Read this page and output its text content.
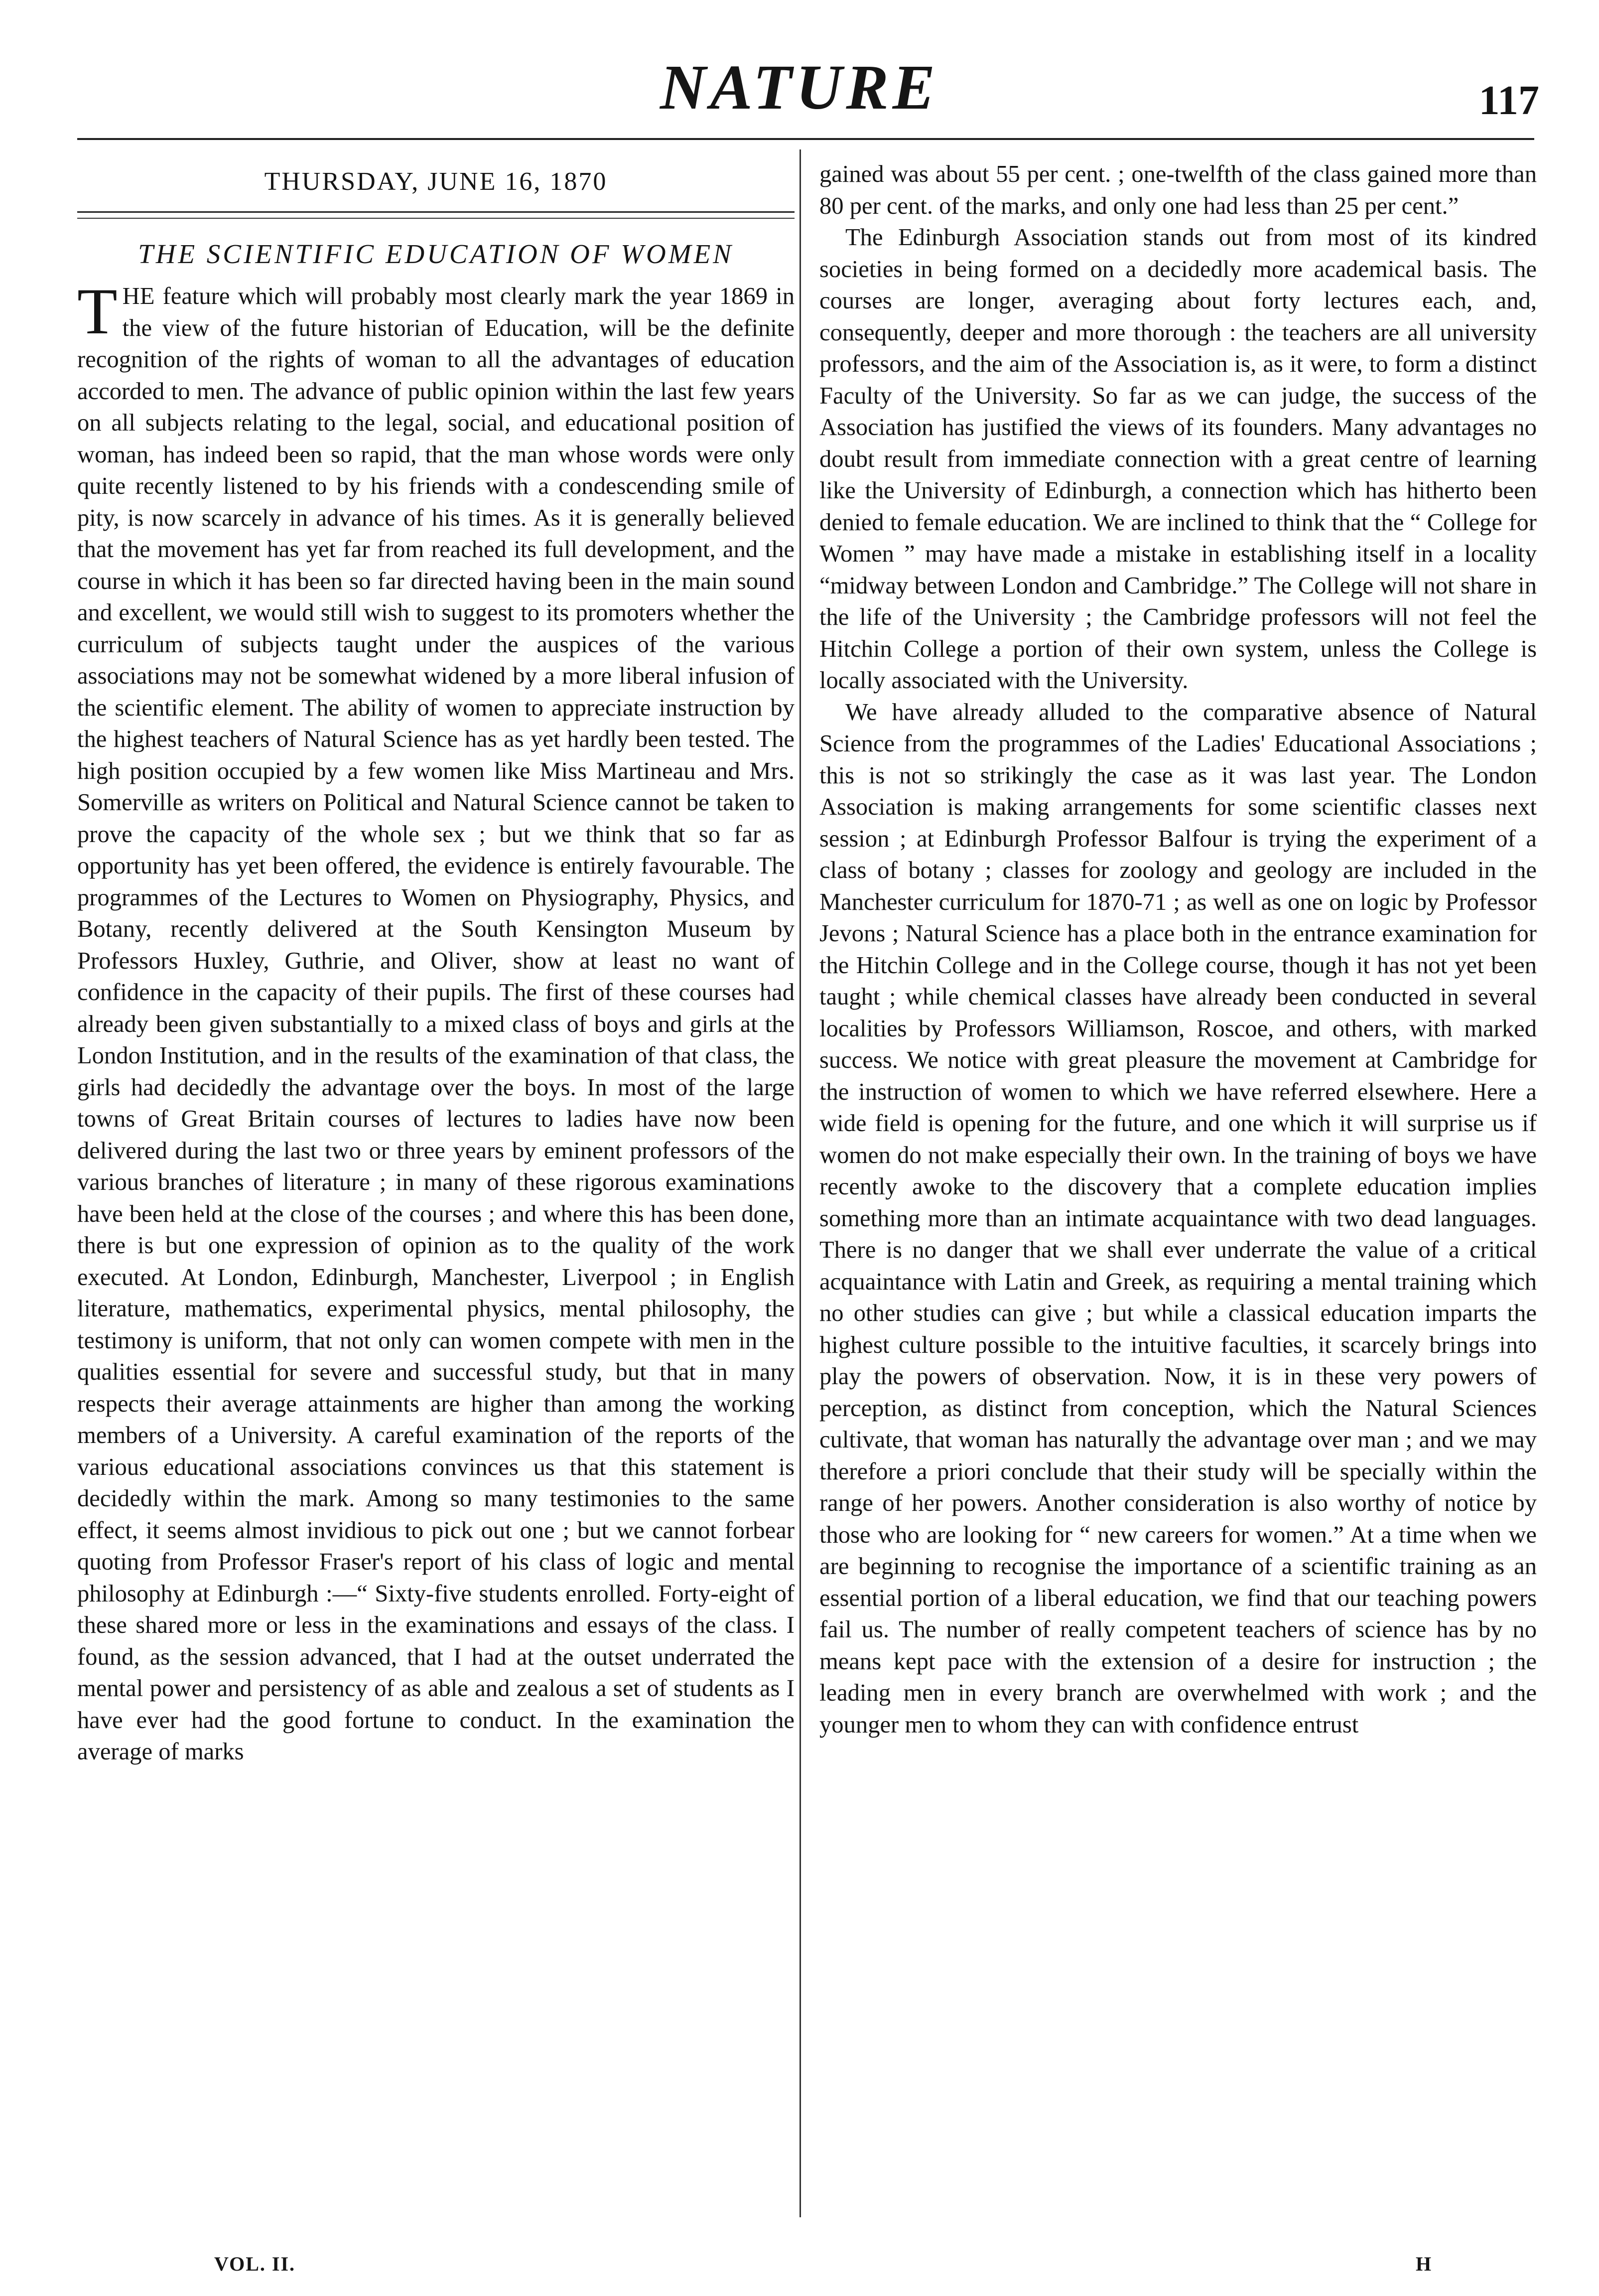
NATURE	117
THURSDAY, JUNE 16, 1870
THE SCIENTIFIC EDUCATION OF WOMEN

THE feature which will probably most clearly mark the year 1869 in the view of the future historian of Education, will be the definite recognition of the rights of woman to all the advantages of education accorded to men. The advance of public opinion within the last few years on all subjects relating to the legal, social, and educational position of woman, has indeed been so rapid, that the man whose words were only quite recently listened to by his friends with a condescending smile of pity, is now scarcely in advance of his times. As it is generally believed that the movement has yet far from reached its full development, and the course in which it has been so far directed having been in the main sound and excellent, we would still wish to suggest to its promoters whether the curriculum of subjects taught under the auspices of the various associations may not be somewhat widened by a more liberal infusion of the scientific element. The ability of women to appreciate instruction by the highest teachers of Natural Science has as yet hardly been tested. The high position occupied by a few women like Miss Martineau and Mrs. Somerville as writers on Political and Natural Science cannot be taken to prove the capacity of the whole sex ; but we think that so far as opportunity has yet been offered, the evidence is entirely favourable. The programmes of the Lectures to Women on Physiography, Physics, and Botany, recently delivered at the South Kensington Museum by Professors Huxley, Guthrie, and Oliver, show at least no want of confidence in the capacity of their pupils. The first of these courses had already been given substantially to a mixed class of boys and girls at the London Institution, and in the results of the examination of that class, the girls had decidedly the advantage over the boys. In most of the large towns of Great Britain courses of lectures to ladies have now been delivered during the last two or three years by eminent professors of the various branches of literature ; in many of these rigorous examinations have been held at the close of the courses ; and where this has been done, there is but one expression of opinion as to the quality of the work executed. At London, Edinburgh, Manchester, Liverpool ; in English literature, mathematics, experimental physics, mental philosophy, the testimony is uniform, that not only can women compete with men in the qualities essential for severe and successful study, but that in many respects their average attainments are higher than among the working members of a University. A careful examination of the reports of the various educational associations convinces us that this statement is decidedly within the mark. Among so many testimonies to the same effect, it seems almost invidious to pick out one ; but we cannot forbear quoting from Professor Fraser's report of his class of logic and mental philosophy at Edinburgh :—“ Sixty-five students enrolled. Forty-eight of these shared more or less in the examinations and essays of the class. I found, as the session advanced, that I had at the outset underrated the mental power and persistency of as able and zealous a set of students as I have ever had the good fortune to conduct. In the examination the average of marks

gained was about 55 per cent. ; one-twelfth of the class gained more than 80 per cent. of the marks, and only one had less than 25 per cent.”

The Edinburgh Association stands out from most of its kindred societies in being formed on a decidedly more academical basis. The courses are longer, averaging about forty lectures each, and, consequently, deeper and more thorough : the teachers are all university professors, and the aim of the Association is, as it were, to form a distinct Faculty of the University. So far as we can judge, the success of the Association has justified the views of its founders. Many advantages no doubt result from immediate connection with a great centre of learning like the University of Edinburgh, a connection which has hitherto been denied to female education. We are inclined to think that the “ College for Women ” may have made a mistake in establishing itself in a locality “midway between London and Cambridge.” The College will not share in the life of the University ; the Cambridge professors will not feel the Hitchin College a portion of their own system, unless the College is locally associated with the University.

We have already alluded to the comparative absence of Natural Science from the programmes of the Ladies' Educational Associations ; this is not so strikingly the case as it was last year. The London Association is making arrangements for some scientific classes next session ; at Edinburgh Professor Balfour is trying the experiment of a class of botany ; classes for zoology and geology are included in the Manchester curriculum for 1870-71 ; as well as one on logic by Professor Jevons ; Natural Science has a place both in the entrance examination for the Hitchin College and in the College course, though it has not yet been taught ; while chemical classes have already been conducted in several localities by Professors Williamson, Roscoe, and others, with marked success. We notice with great pleasure the movement at Cambridge for the instruction of women to which we have referred elsewhere. Here a wide field is opening for the future, and one which it will surprise us if women do not make especially their own. In the training of boys we have recently awoke to the discovery that a complete education implies something more than an intimate acquaintance with two dead languages. There is no danger that we shall ever underrate the value of a critical acquaintance with Latin and Greek, as requiring a mental training which no other studies can give ; but while a classical education imparts the highest culture possible to the intuitive faculties, it scarcely brings into play the powers of observation. Now, it is in these very powers of perception, as distinct from conception, which the Natural Sciences cultivate, that woman has naturally the advantage over man ; and we may therefore a priori conclude that their study will be specially within the range of her powers. Another consideration is also worthy of notice by those who are looking for “ new careers for women.” At a time when we are beginning to recognise the importance of a scientific training as an essential portion of a liberal education, we find that our teaching powers fail us. The number of really competent teachers of science has by no means kept pace with the extension of a desire for instruction ; the leading men in every branch are overwhelmed with work ; and the younger men to whom they can with confidence entrust

VOL. II.	H
